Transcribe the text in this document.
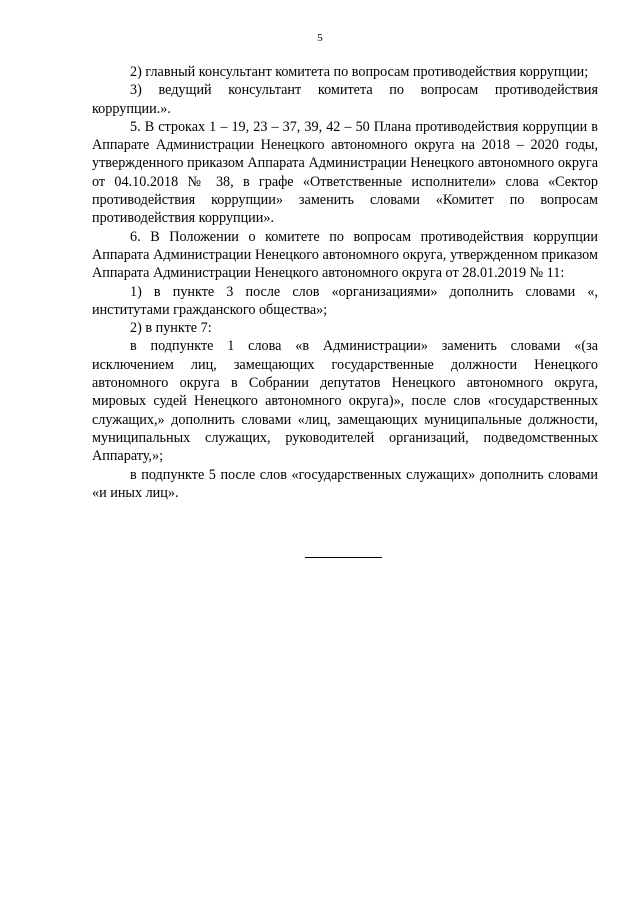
5

2) главный консультант комитета по вопросам противодействия коррупции;

3) ведущий консультант комитета по вопросам противодействия коррупции.».

5. В строках 1 – 19, 23 – 37, 39, 42 – 50 Плана противодействия коррупции в Аппарате Администрации Ненецкого автономного округа на 2018 – 2020 годы, утвержденного приказом Аппарата Администрации Ненецкого автономного округа от 04.10.2018 № 38, в графе «Ответственные исполнители» слова «Сектор противодействия коррупции» заменить словами «Комитет по вопросам противодействия коррупции».

6. В Положении о комитете по вопросам противодействия коррупции Аппарата Администрации Ненецкого автономного округа, утвержденном приказом Аппарата Администрации Ненецкого автономного округа от 28.01.2019 № 11:

1) в пункте 3 после слов «организациями» дополнить словами «, институтами гражданского общества»;

2) в пункте 7:

в подпункте 1 слова «в Администрации» заменить словами «(за исключением лиц, замещающих государственные должности Ненецкого автономного округа в Собрании депутатов Ненецкого автономного округа, мировых судей Ненецкого автономного округа)», после слов «государственных служащих,» дополнить словами «лиц, замещающих муниципальные должности, муниципальных служащих, руководителей организаций, подведомственных Аппарату,»;

в подпункте 5 после слов «государственных служащих» дополнить словами «и иных лиц».
